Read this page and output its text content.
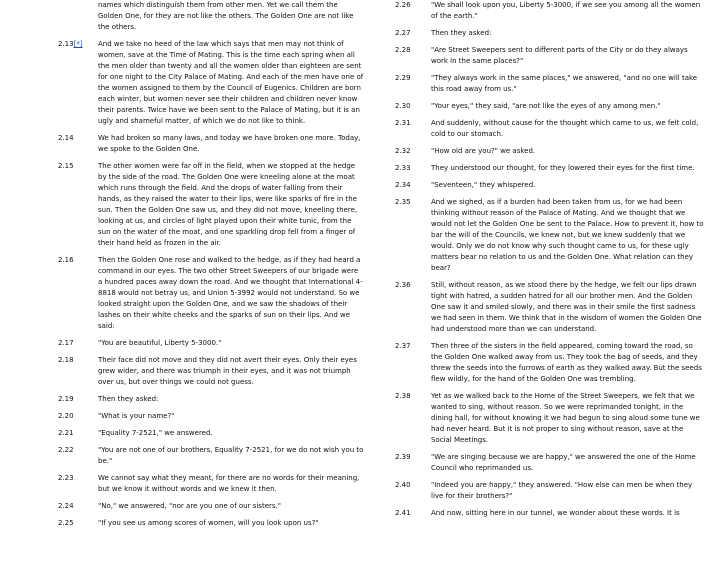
names which distinguish them from other men. Yet we call them the Golden One, for they are not like the others. The Golden One are not like the others.
2.13[*]	And we take no heed of the law which says that men may not think of women, save at the Time of Mating. This is the time each spring when all the men older than twenty and all the women older than eighteen are sent for one night to the City Palace of Mating. And each of the men have one of the women assigned to them by the Council of Eugenics. Children are born each winter, but women never see their children and children never know their parents. Twice have we been sent to the Palace of Mating, but it is an ugly and shameful matter, of which we do not like to think.
2.14	We had broken so many laws, and today we have broken one more. Today, we spoke to the Golden One.
2.15	The other women were far off in the field, when we stopped at the hedge by the side of the road. The Golden One were kneeling alone at the moat which runs through the field. And the drops of water falling from their hands, as they raised the water to their lips, were like sparks of fire in the sun. Then the Golden One saw us, and they did not move, kneeling there, looking at us, and circles of light played upon their white tunic, from the sun on the water of the moat, and one sparkling drop fell from a finger of their hand held as frozen in the air.
2.16	Then the Golden One rose and walked to the hedge, as if they had heard a command in our eyes. The two other Street Sweepers of our brigade were a hundred paces away down the road. And we thought that International 4-8818 would not betray us, and Union 5-3992 would not understand. So we looked straight upon the Golden One, and we saw the shadows of their lashes on their white cheeks and the sparks of sun on their lips. And we said:
2.17	"You are beautiful, Liberty 5-3000."
2.18	Their face did not move and they did not avert their eyes. Only their eyes grew wider, and there was triumph in their eyes, and it was not triumph over us, but over things we could not guess.
2.19	Then they asked:
2.20	"What is your name?"
2.21	"Equality 7-2521," we answered.
2.22	"You are not one of our brothers, Equality 7-2521, for we do not wish you to be."
2.23	We cannot say what they meant, for there are no words for their meaning, but we know it without words and we knew it then.
2.24	"No," we answered, "nor are you one of our sisters."
2.25	"If you see us among scores of women, will you look upon us?"
2.26	"We shall look upon you, Liberty 5-3000, if we see you among all the women of the earth."
2.27	Then they asked:
2.28	"Are Street Sweepers sent to different parts of the City or do they always work in the same places?"
2.29	"They always work in the same places," we answered, "and no one will take this road away from us."
2.30	"Your eyes," they said, "are not like the eyes of any among men."
2.31	And suddenly, without cause for the thought which came to us, we felt cold, cold to our stomach.
2.32	"How old are you?" we asked.
2.33	They understood our thought, for they lowered their eyes for the first time.
2.34	"Seventeen," they whispered.
2.35	And we sighed, as if a burden had been taken from us, for we had been thinking without reason of the Palace of Mating. And we thought that we would not let the Golden One be sent to the Palace. How to prevent it, how to bar the will of the Councils, we knew not, but we knew suddenly that we would. Only we do not know why such thought came to us, for these ugly matters bear no relation to us and the Golden One. What relation can they bear?
2.36	Still, without reason, as we stood there by the hedge, we felt our lips drawn tight with hatred, a sudden hatred for all our brother men. And the Golden One saw it and smiled slowly, and there was in their smile the first sadness we had seen in them. We think that in the wisdom of women the Golden One had understood more than we can understand.
2.37	Then three of the sisters in the field appeared, coming toward the road, so the Golden One walked away from us. They took the bag of seeds, and they threw the seeds into the furrows of earth as they walked away. But the seeds flew wildly, for the hand of the Golden One was trembling.
2.38	Yet as we walked back to the Home of the Street Sweepers, we felt that we wanted to sing, without reason. So we were reprimanded tonight, in the dining hall, for without knowing it we had begun to sing aloud some tune we had never heard. But it is not proper to sing without reason, save at the Social Meetings.
2.39	"We are singing because we are happy," we answered the one of the Home Council who reprimanded us.
2.40	"Indeed you are happy," they answered. "How else can men be when they live for their brothers?"
2.41	And now, sitting here in our tunnel, we wonder about these words. It is
